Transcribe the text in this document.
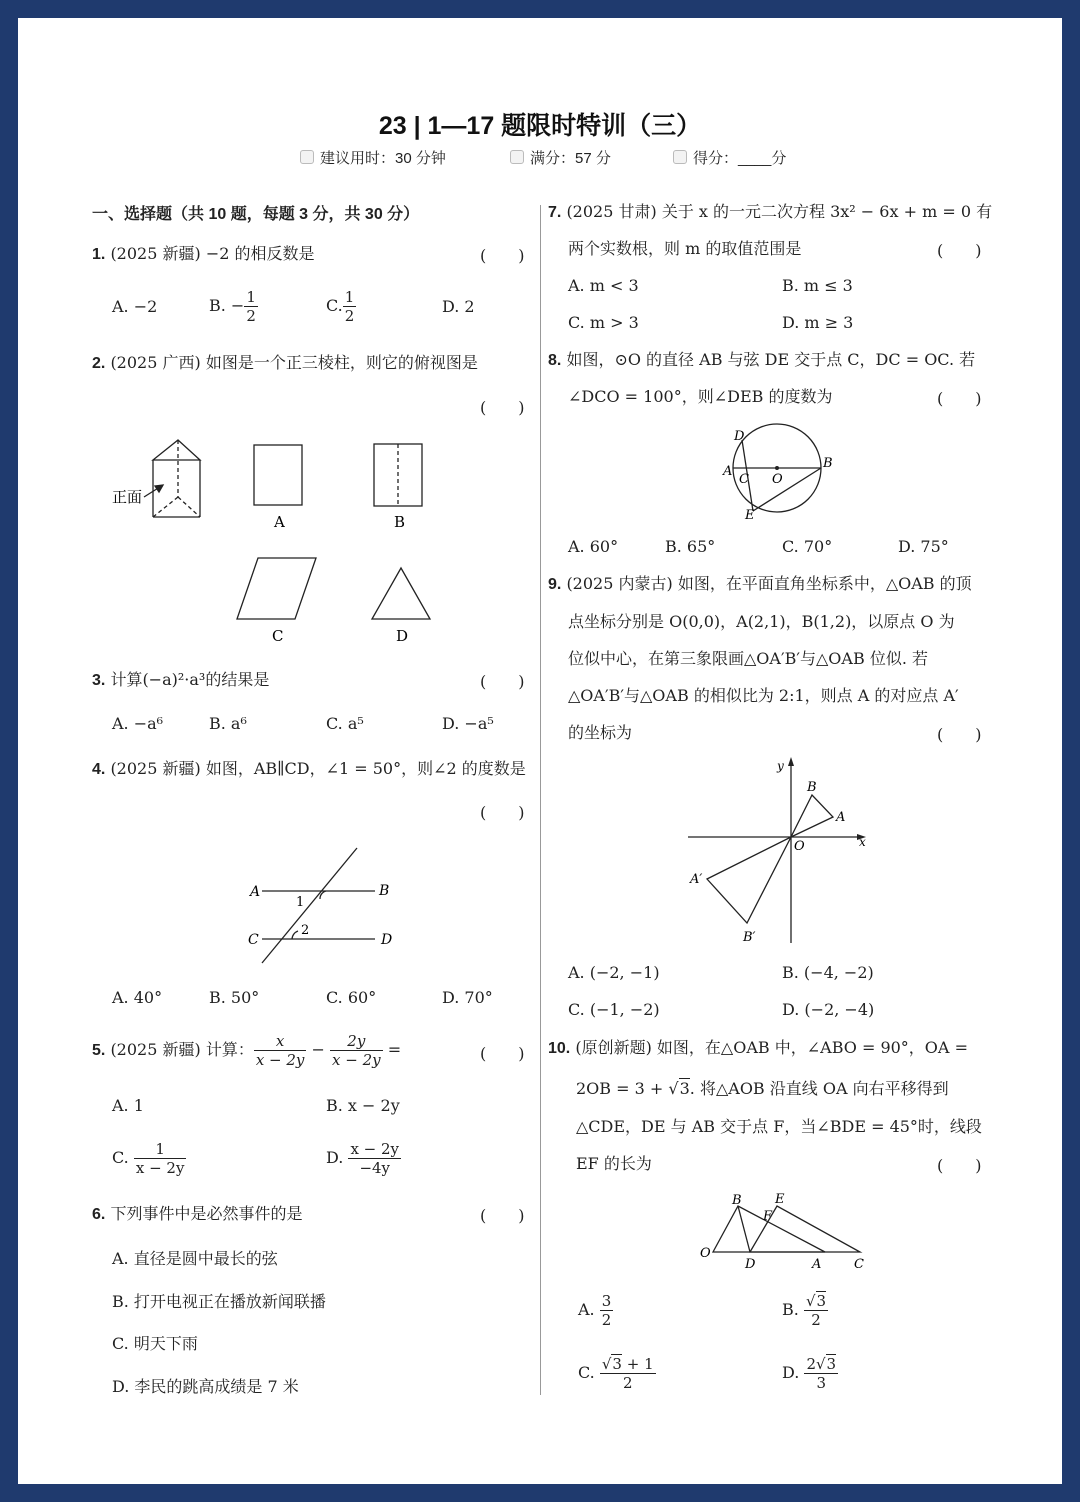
23 | 1—17 题限时特训（三）
建议用时：30 分钟	满分：57 分	得分：____分
一、选择题（共 10 题，每题 3 分，共 30 分）
1. (2025 新疆) −2 的相反数是	(　　)
A. −2	B. − $\frac{1}{2}$	C. $\frac{1}{2}$	D. 2
2. (2025 广西) 如图是一个正三棱柱，则它的俯视图是
(　　)
正面
A	B
C	D
3. 计算(−a)²·a³的结果是	(　　)
A. −a⁶	B. a⁶	C. a⁵	D. −a⁵
4. (2025 新疆) 如图，AB∥CD，∠1 = 50°，则∠2 的度数是
(　　)
A	B
C	D
1
2
A. 40°	B. 50°	C. 60°	D. 70°
5. (2025 新疆) 计算： $\frac{x}{x - 2y} - \frac{2y}{x - 2y}$ =	(　　)
A. 1	B. x − 2y
C. $\frac{1}{x - 2y}$	D. $\frac{x - 2y}{-4y}$
6. 下列事件中是必然事件的是	(　　)
A. 直径是圆中最长的弦
B. 打开电视正在播放新闻联播
C. 明天下雨
D. 李民的跳高成绩是 7 米
7. (2025 甘肃) 关于 x 的一元二次方程 3x² − 6x + m = 0 有
两个实数根，则 m 的取值范围是	(　　)
A. m < 3	B. m ≤ 3
C. m > 3	D. m ≥ 3
8. 如图，⊙O 的直径 AB 与弦 DE 交于点 C，DC = OC. 若
∠DCO = 100°，则∠DEB 的度数为	(　　)
D
A
C O
B
E
A. 60°	B. 65°	C. 70°	D. 75°
9. (2025 内蒙古) 如图，在平面直角坐标系中，△OAB 的顶
点坐标分别是 O(0,0)，A(2,1)，B(1,2)，以原点 O 为
位似中心，在第三象限画△OA′B′与△OAB 位似. 若
△OA′B′与△OAB 的相似比为 2:1，则点 A 的对应点 A′
的坐标为	(　　)
y
x
O
A
B
A′
B′
A. (−2, −1)	B. (−4, −2)
C. (−1, −2)	D. (−2, −4)
10. (原创新题) 如图，在△OAB 中，∠ABO = 90°，OA =
2OB = 3 + √3. 将△AOB 沿直线 OA 向右平移得到
△CDE，DE 与 AB 交于点 F，当∠BDE = 45°时，线段
EF 的长为	(　　)
B	E
F
O
D	A	C
A. $\frac{3}{2}$	B. $\frac{√3}{2}$
C. $\frac{√3 + 1}{2}$	D. $\frac{2√3}{3}$
